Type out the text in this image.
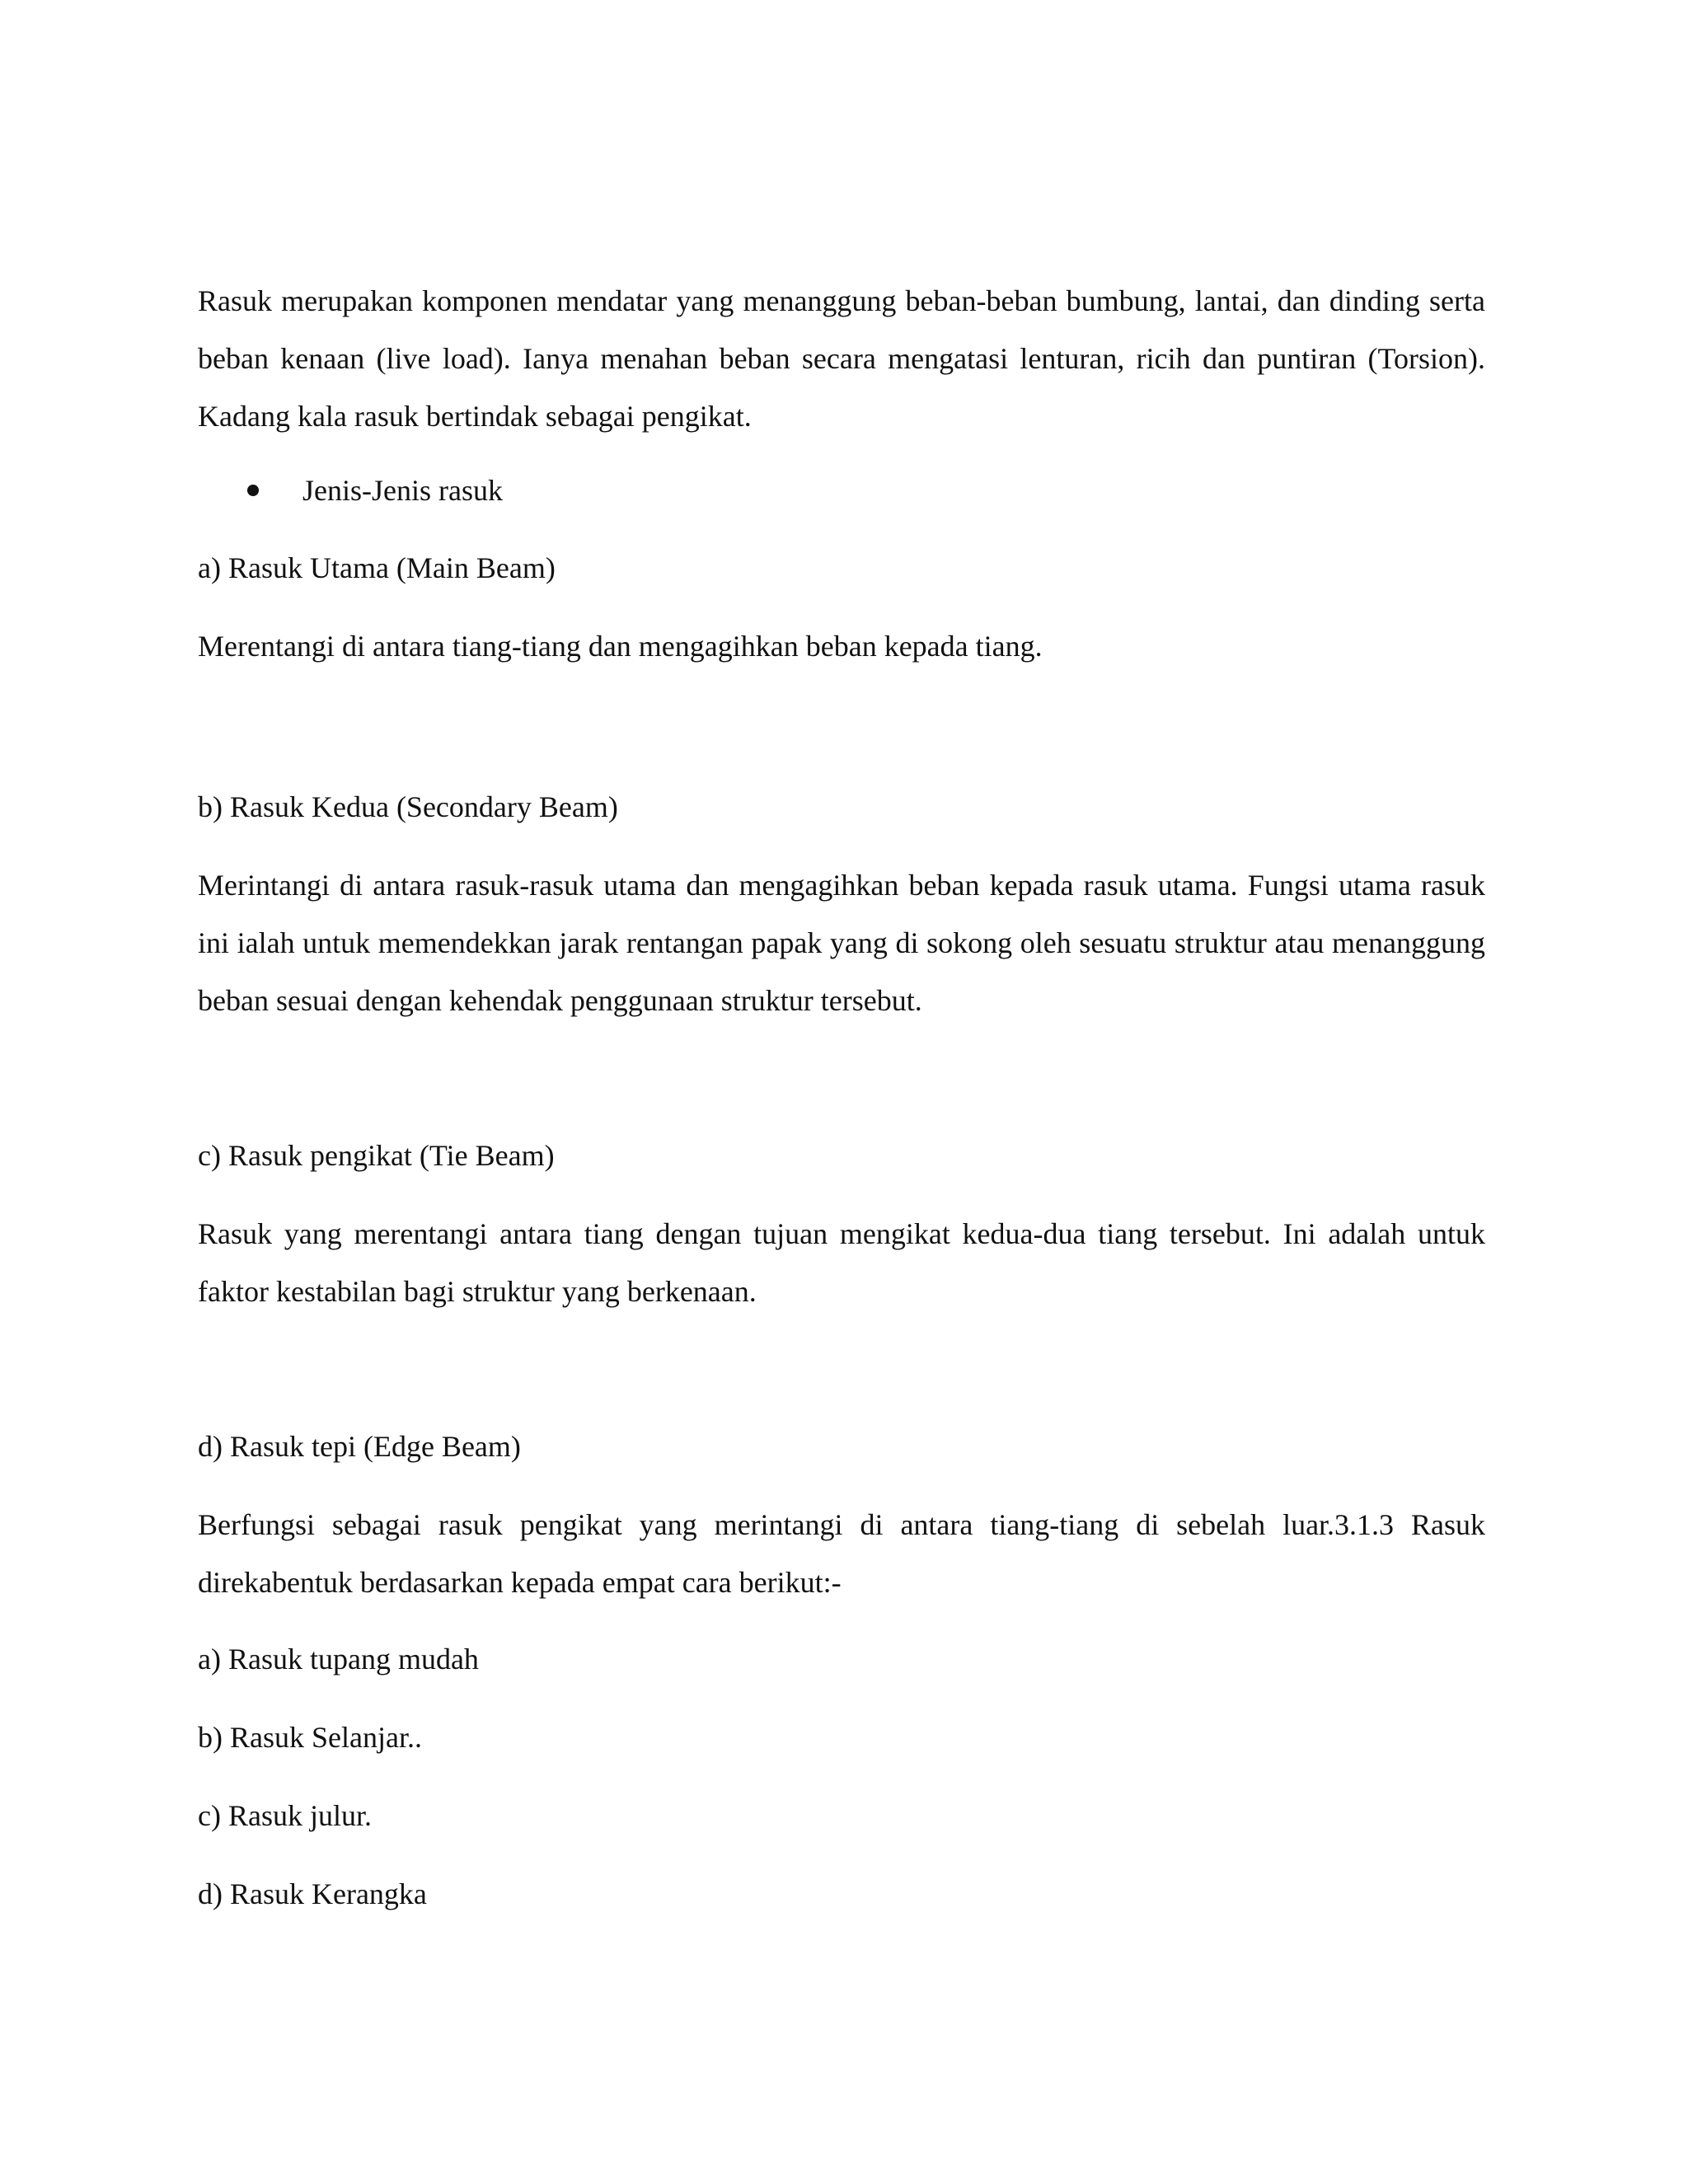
Rasuk merupakan komponen mendatar yang menanggung beban-beban bumbung, lantai, dan dinding serta beban kenaan (live load). Ianya menahan beban secara mengatasi lenturan, ricih dan puntiran (Torsion). Kadang kala rasuk bertindak sebagai pengikat.

Jenis-Jenis rasuk

a) Rasuk Utama (Main Beam)

Merentangi di antara tiang-tiang dan mengagihkan beban kepada tiang.

b) Rasuk Kedua (Secondary Beam)

Merintangi di antara rasuk-rasuk utama dan mengagihkan beban kepada rasuk utama. Fungsi utama rasuk ini ialah untuk memendekkan jarak rentangan papak yang di sokong oleh sesuatu struktur atau menanggung beban sesuai dengan kehendak penggunaan struktur tersebut.

c) Rasuk pengikat (Tie Beam)

Rasuk yang merentangi antara tiang dengan tujuan mengikat kedua-dua tiang tersebut. Ini adalah untuk faktor kestabilan bagi struktur yang berkenaan.

d) Rasuk tepi (Edge Beam)

Berfungsi sebagai rasuk pengikat yang merintangi di antara tiang-tiang di sebelah luar.3.1.3 Rasuk direkabentuk berdasarkan kepada empat cara berikut:-

a) Rasuk tupang mudah

b) Rasuk Selanjar..

c) Rasuk julur.

d) Rasuk Kerangka
